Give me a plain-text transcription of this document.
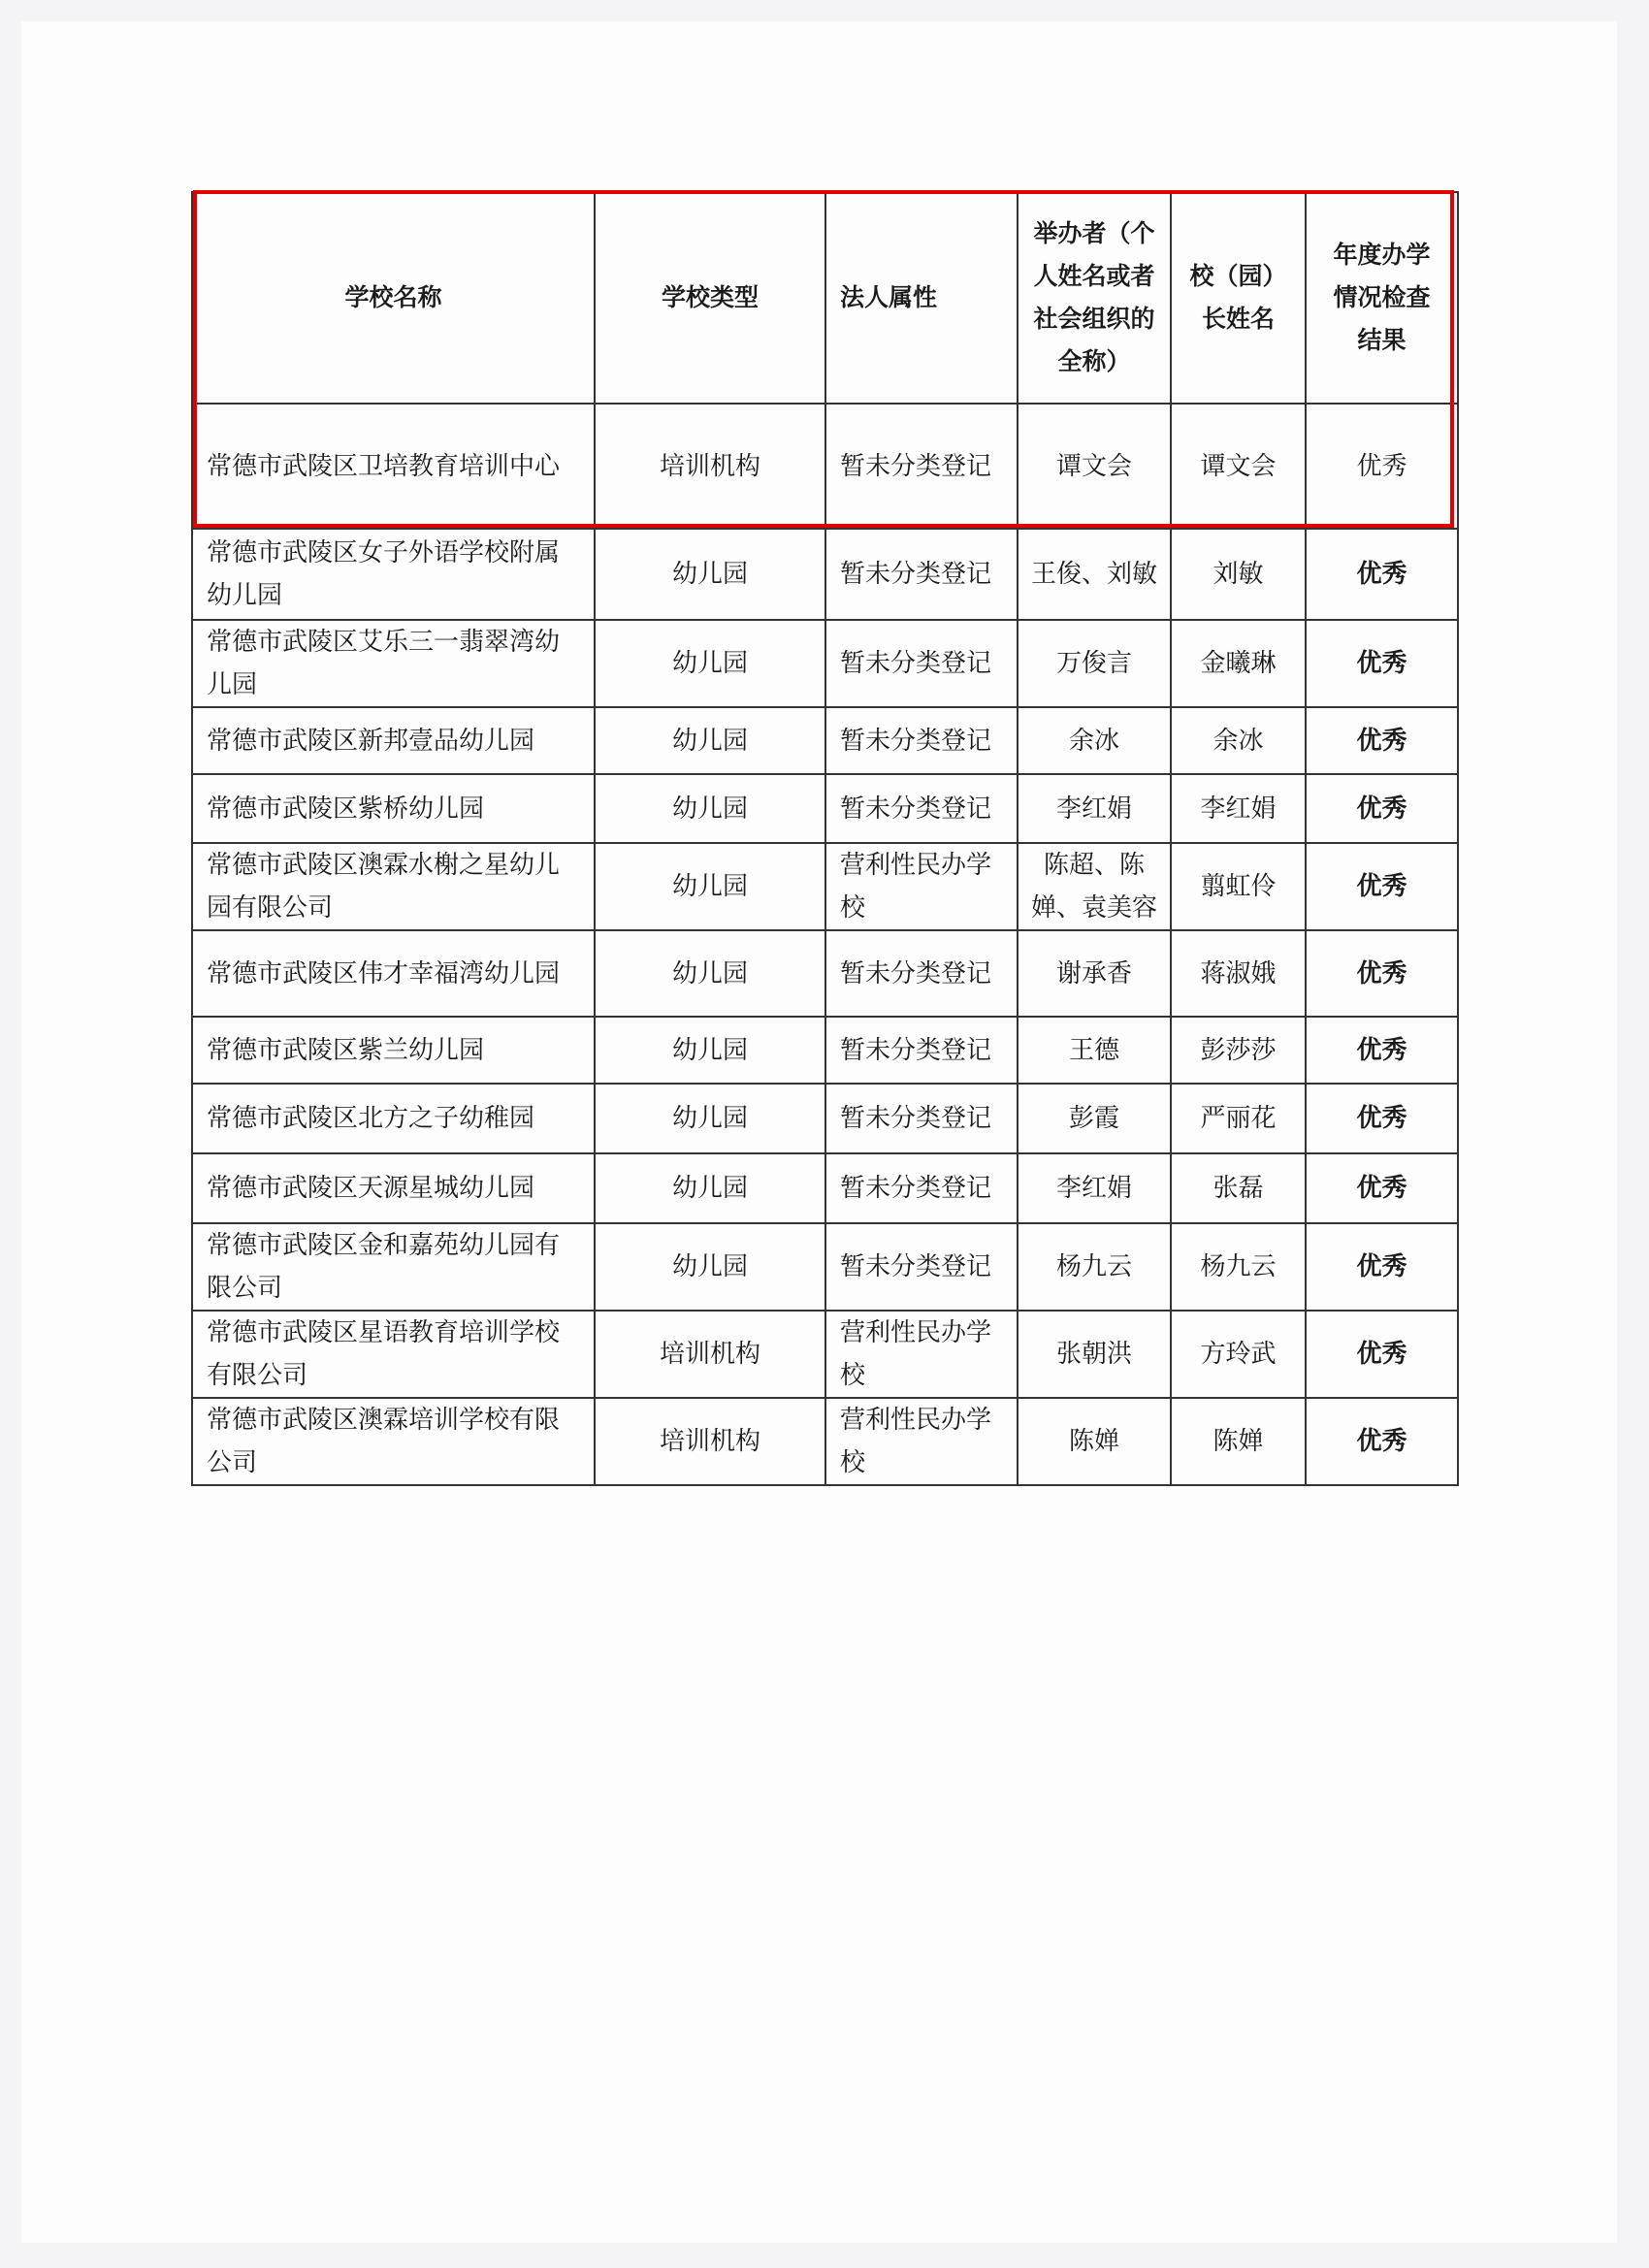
学校名称	学校类型	法人属性	举办者（个人姓名或者社会组织的全称）	校（园）长姓名	年度办学情况检查结果
常德市武陵区卫培教育培训中心	培训机构	暂未分类登记	谭文会	谭文会	优秀
常德市武陵区女子外语学校附属幼儿园	幼儿园	暂未分类登记	王俊、刘敏	刘敏	优秀
常德市武陵区艾乐三一翡翠湾幼儿园	幼儿园	暂未分类登记	万俊言	金曦琳	优秀
常德市武陵区新邦壹品幼儿园	幼儿园	暂未分类登记	余冰	余冰	优秀
常德市武陵区紫桥幼儿园	幼儿园	暂未分类登记	李红娟	李红娟	优秀
常德市武陵区澳霖水榭之星幼儿园有限公司	幼儿园	营利性民办学校	陈超、陈婵、袁美容	翦虹伶	优秀
常德市武陵区伟才幸福湾幼儿园	幼儿园	暂未分类登记	谢承香	蒋淑娥	优秀
常德市武陵区紫兰幼儿园	幼儿园	暂未分类登记	王德	彭莎莎	优秀
常德市武陵区北方之子幼稚园	幼儿园	暂未分类登记	彭霞	严丽花	优秀
常德市武陵区天源星城幼儿园	幼儿园	暂未分类登记	李红娟	张磊	优秀
常德市武陵区金和嘉苑幼儿园有限公司	幼儿园	暂未分类登记	杨九云	杨九云	优秀
常德市武陵区星语教育培训学校有限公司	培训机构	营利性民办学校	张朝洪	方玲武	优秀
常德市武陵区澳霖培训学校有限公司	培训机构	营利性民办学校	陈婵	陈婵	优秀
